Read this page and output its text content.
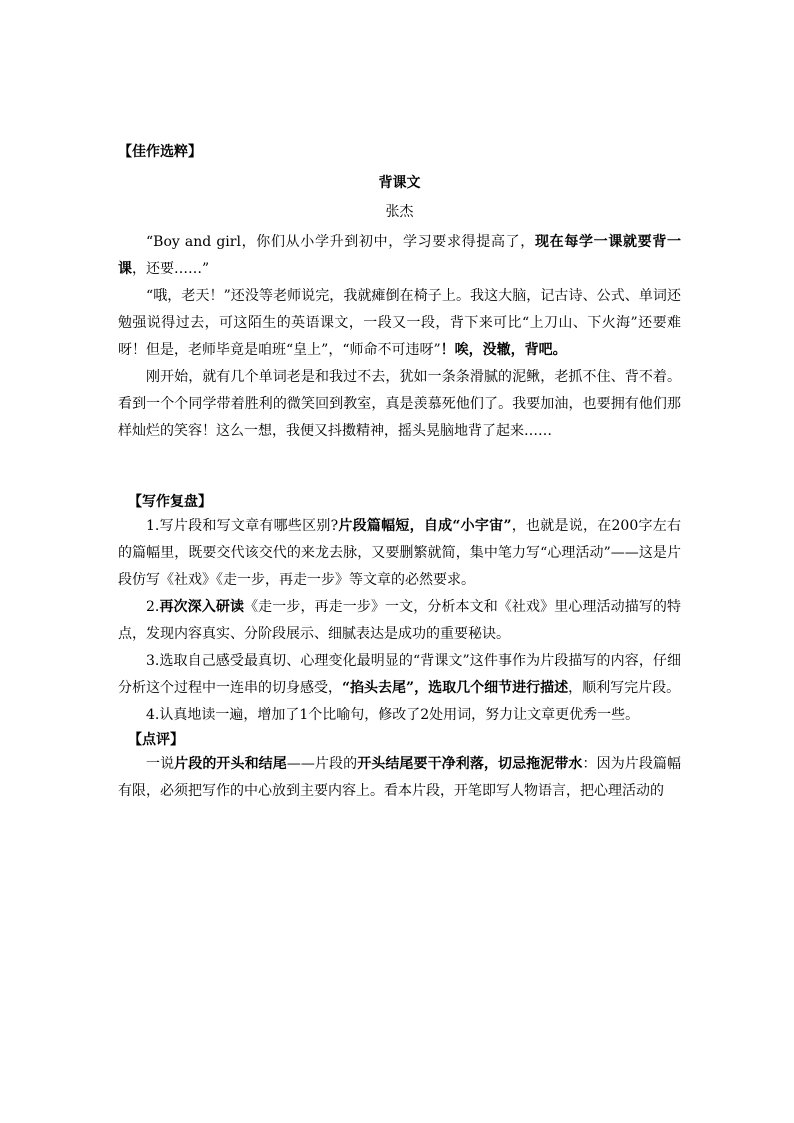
【佳作选粹】
背课文
张杰

“Boy and girl，你们从小学升到初中，学习要求得提高了，现在每学一课就要背一课，还要……”

“哦，老天！”还没等老师说完，我就瘫倒在椅子上。我这大脑，记古诗、公式、单词还勉强说得过去，可这陌生的英语课文，一段又一段，背下来可比“上刀山、下火海”还要难呀！但是，老师毕竟是咱班“皇上”，“师命不可违呀”！唉，没辙，背吧。

刚开始，就有几个单词老是和我过不去，犹如一条条滑腻的泥鳅，老抓不住、背不着。看到一个个同学带着胜利的微笑回到教室，真是羡慕死他们了。我要加油，也要拥有他们那样灿烂的笑容！这么一想，我便又抖擞精神，摇头晃脑地背了起来……

【写作复盘】

1.写片段和写文章有哪些区别?片段篇幅短，自成“小宇宙”，也就是说，在200字左右的篇幅里，既要交代该交代的来龙去脉，又要删繁就简，集中笔力写“心理活动”——这是片段仿写《社戏》《走一步，再走一步》等文章的必然要求。

2.再次深入研读《走一步，再走一步》一文，分析本文和《社戏》里心理活动描写的特点，发现内容真实、分阶段展示、细腻表达是成功的重要秘诀。

3.选取自己感受最真切、心理变化最明显的“背课文”这件事作为片段描写的内容，仔细分析这个过程中一连串的切身感受，“掐头去尾”，选取几个细节进行描述，顺利写完片段。

4.认真地读一遍，增加了1个比喻句，修改了2处用词，努力让文章更优秀一些。

【点评】

一说片段的开头和结尾——片段的开头结尾要干净利落，切忌拖泥带水：因为片段篇幅有限，必须把写作的中心放到主要内容上。看本片段，开笔即写人物语言，把心理活动的
